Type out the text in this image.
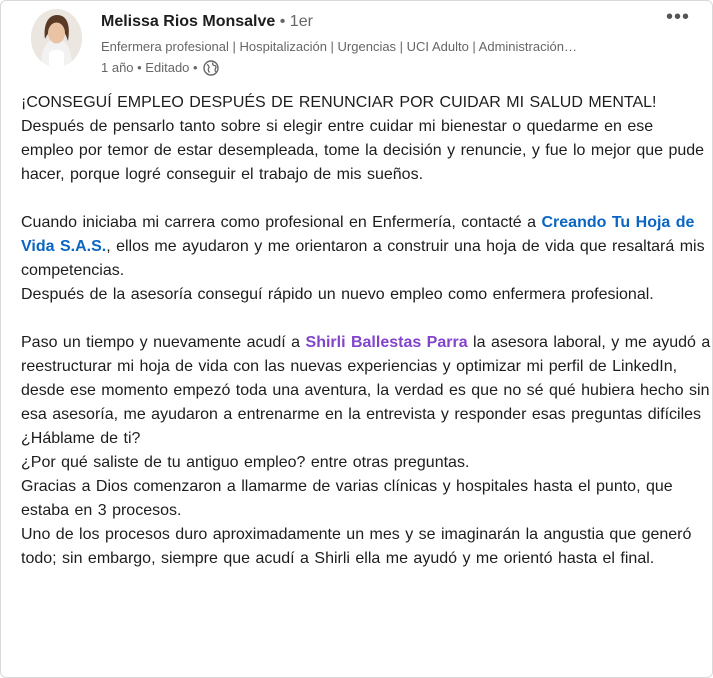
Melissa Rios Monsalve • 1er
Enfermera profesional | Hospitalización | Urgencias | UCI Adulto | Administración…
1 año • Editado •
•••

¡CONSEGUÍ EMPLEO DESPUÉS DE RENUNCIAR POR CUIDAR MI SALUD MENTAL! Después de pensarlo tanto sobre si elegir entre cuidar mi bienestar o quedarme en ese empleo por temor de estar desempleada, tome la decisión y renuncie, y fue lo mejor que pude hacer, porque logré conseguir el trabajo de mis sueños.

Cuando iniciaba mi carrera como profesional en Enfermería, contacté a Creando Tu Hoja de Vida S.A.S., ellos me ayudaron y me orientaron a construir una hoja de vida que resaltará mis competencias.

Después de la asesoría conseguí rápido un nuevo empleo como enfermera profesional.

Paso un tiempo y nuevamente acudí a Shirli Ballestas Parra la asesora laboral, y me ayudó a reestructurar mi hoja de vida con las nuevas experiencias y optimizar mi perfil de LinkedIn, desde ese momento empezó toda una aventura, la verdad es que no sé qué hubiera hecho sin esa asesoría, me ayudaron a entrenarme en la entrevista y responder esas preguntas difíciles

¿Háblame de ti?

¿Por qué saliste de tu antiguo empleo? entre otras preguntas.

Gracias a Dios comenzaron a llamarme de varias clínicas y hospitales hasta el punto, que estaba en 3 procesos.

Uno de los procesos duro aproximadamente un mes y se imaginarán la angustia que generó todo; sin embargo, siempre que acudí a Shirli ella me ayudó y me orientó hasta el final.
